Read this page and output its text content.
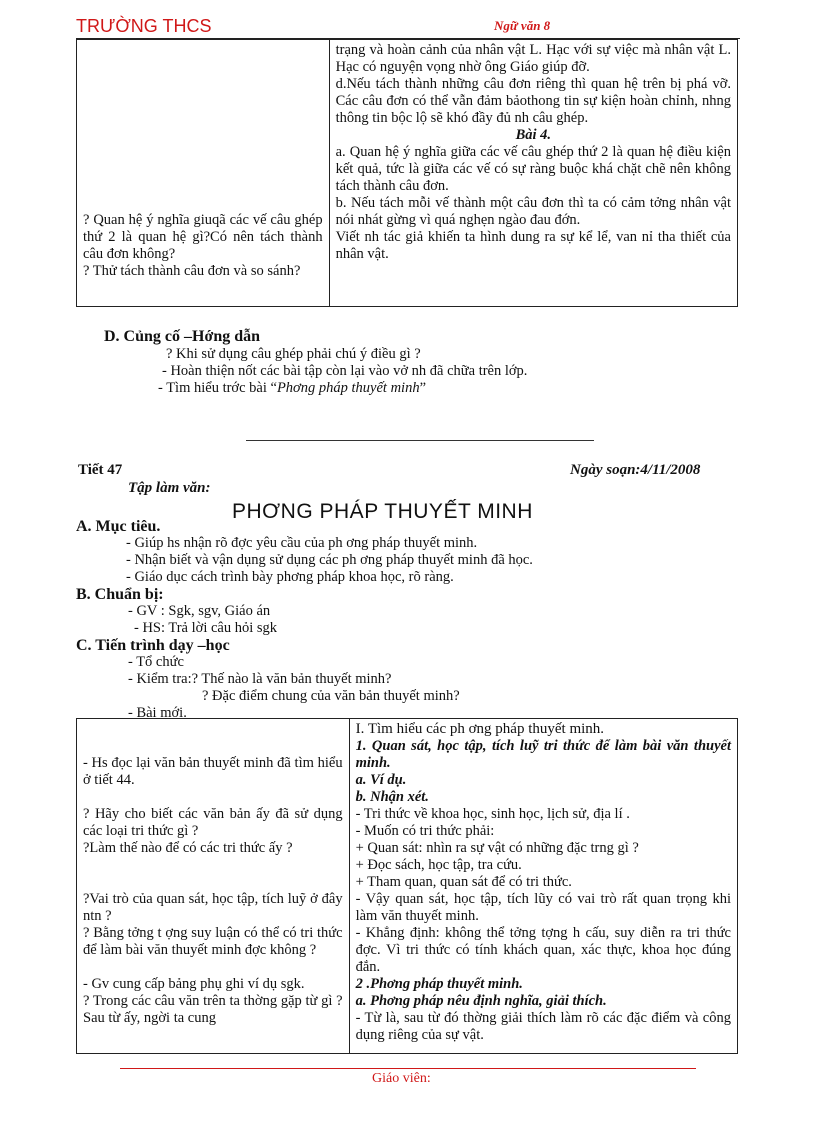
TRƯỜNG THCS	Ngữ văn 8

? Quan hệ ý nghĩa giuqã các vế câu ghép thứ 2 là quan hệ gì?Có nên tách thành câu đơn không?

? Thử tách thành câu đơn và so sánh?

trạng và hoàn cảnh của nhân vật L. Hạc với sự việc mà nhân vật L. Hạc có nguyện vọng nhờ ông Giáo giúp đỡ.

d.Nếu tách thành những câu đơn riêng thì quan hệ trên bị phá vỡ. Các câu đơn có thể vẫn đảm bảothong tin sự kiện hoàn chỉnh, nhng thông tin bộc lộ sẽ khó đầy đủ nh câu ghép.

Bài 4.

a. Quan hệ ý nghĩa giữa các vế câu ghép thứ 2 là quan hệ điều kiện kết quả, tức là giữa các vế có sự ràng buộc khá chặt chẽ nên không tách thành câu đơn.

b. Nếu tách mỗi vế thành một câu đơn thì ta có cảm tởng nhân vật nói nhát gừng vì quá nghẹn ngào đau đớn.

Viết nh tác giả khiến ta hình dung ra sự kể lể, van nỉ tha thiết của nhân vật.

D. Củng cố –Hớng dẫn
? Khi sử dụng câu ghép phải chú ý điều gì ?
- Hoàn thiện nốt các bài tập còn lại vào vở nh đã chữa trên lớp.
- Tìm hiểu trớc bài “Phơng pháp thuyết minh”
Tiết 47	Ngày soạn:4/11/2008
Tập làm văn:
PHƠNG PHÁP THUYẾT MINH
A. Mục tiêu.
- Giúp hs nhận rõ đợc yêu cầu của ph ơng pháp thuyết minh.
- Nhận biết và vận dụng sử dụng các ph ơng pháp thuyết minh đã học.
- Giáo dục cách trình bày phơng pháp khoa học, rõ ràng.
B. Chuẩn bị:
- GV : Sgk, sgv, Giáo án
- HS: Trả lời câu hỏi sgk
C. Tiến trình dạy –học
- Tổ chức
- Kiểm tra:? Thế nào là văn bản thuyết minh?
? Đặc điểm chung của văn bản thuyết minh?
- Bài mới.

- Hs đọc lại văn bản thuyết minh đã tìm hiểu ở tiết 44.

? Hãy cho biết các văn bản ấy đã sử dụng các loại tri thức gì ?

?Làm thế nào để có các tri thức ấy ?

?Vai trò của quan sát, học tập, tích luỹ ở đây ntn ?

? Bằng tởng t ợng suy luận có thể có tri thức để làm bài văn thuyết minh đợc không ?

- Gv cung cấp bảng phụ ghi ví dụ sgk.

? Trong các câu văn trên ta thờng gặp từ gì ? Sau từ ấy, ngời ta cung

I. Tìm hiểu các ph ơng pháp thuyết minh.

1. Quan sát, học tập, tích luỹ tri thức để làm bài văn thuyết minh.

a. Ví dụ.

b. Nhận xét.

- Tri thức về khoa học, sinh học, lịch sử, địa lí .

- Muốn có tri thức phải:

+ Quan sát: nhìn ra sự vật có những đặc trng gì ?

+ Đọc sách, học tập, tra cứu.

+ Tham quan, quan sát để có tri thức.

- Vậy quan sát, học tập, tích lũy có vai trò rất quan trọng khi làm văn thuyết minh.

- Khẳng định: không thể tởng tợng h cấu, suy diễn ra tri thức đợc. Vì tri thức có tính khách quan, xác thực, khoa học đúng đắn.

2 .Phơng pháp thuyết minh.

a. Phơng pháp nêu định nghĩa, giải thích.

- Từ là, sau từ đó thờng giải thích làm rõ các đặc điểm và công dụng riêng của sự vật.

Giáo viên:
